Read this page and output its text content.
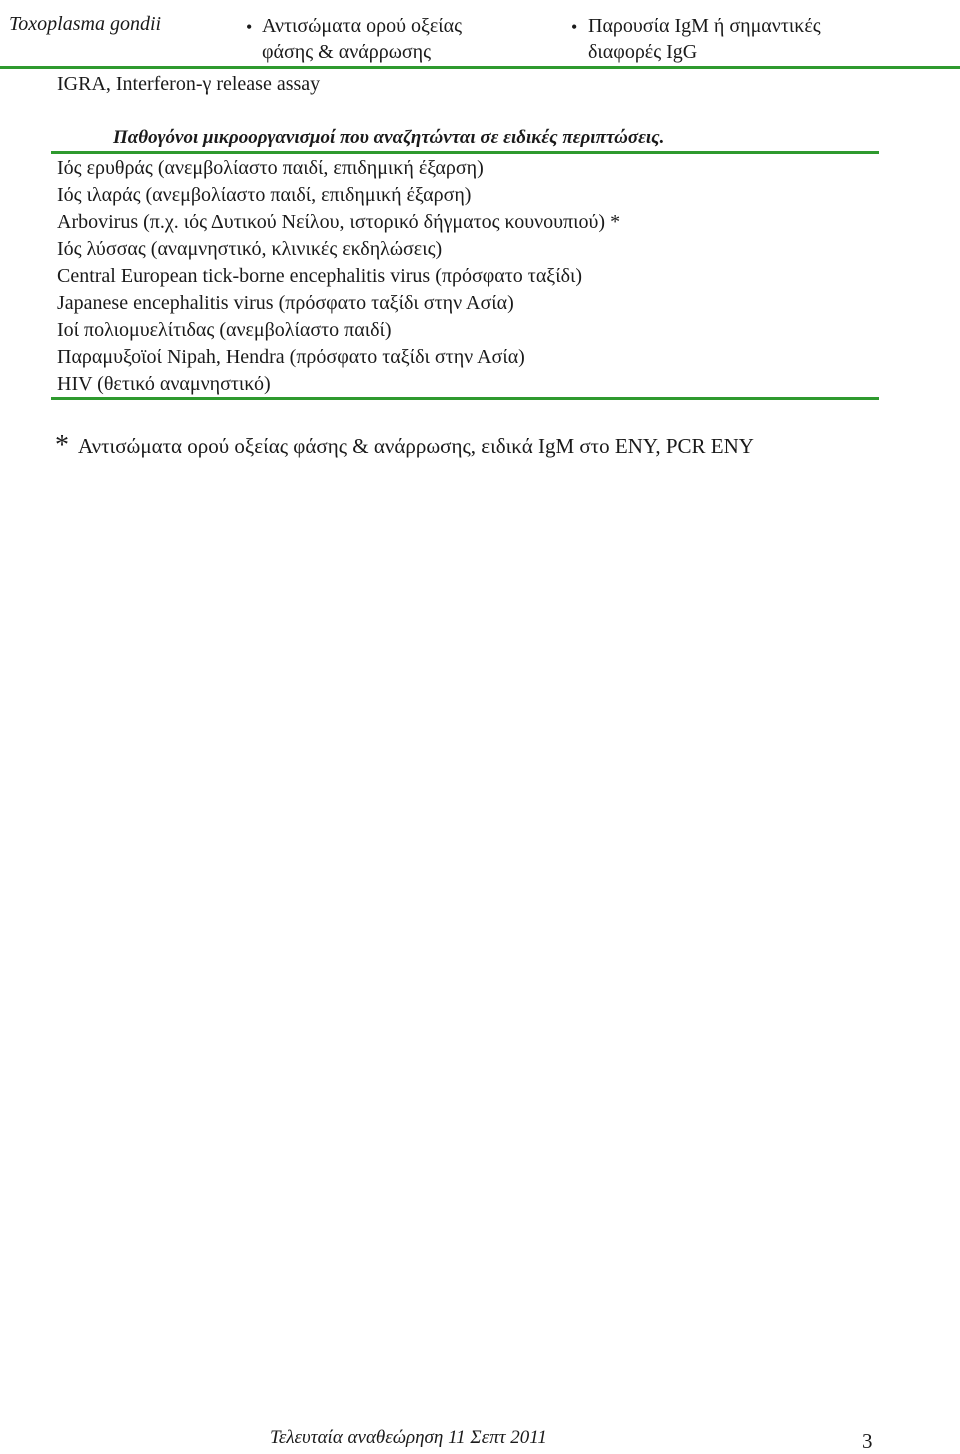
Toxoplasma gondii	• Αντισώματα ορού οξείας
φάσης & ανάρρωσης
• Παρουσία IgM ή σημαντικές
διαφορές IgG
IGRA, Interferon-γ release assay
Παθογόνοι μικροοργανισμοί που αναζητώνται σε ειδικές περιπτώσεις.
Ιός ερυθράς (ανεμβολίαστο παιδί, επιδημική έξαρση)
Ιός ιλαράς (ανεμβολίαστο παιδί, επιδημική έξαρση)
Arbovirus (π.χ. ιός Δυτικού Νείλου, ιστορικό δήγματος κουνουπιού) *
Ιός λύσσας (αναμνηστικό, κλινικές εκδηλώσεις)
Central European tick-borne encephalitis virus (πρόσφατο ταξίδι)
Japanese encephalitis virus (πρόσφατο ταξίδι στην Ασία)
Ιοί πολιομυελίτιδας (ανεμβολίαστο παιδί)
Παραμυξοϊοί Nipah, Hendra (πρόσφατο ταξίδι στην Ασία)
HIV (θετικό αναμνηστικό)
* Αντισώματα ορού οξείας φάσης & ανάρρωσης, ειδικά IgM στο ΕΝΥ, PCR ΕΝΥ
Τελευταία αναθεώρηση 11 Σεπτ 2011	3
